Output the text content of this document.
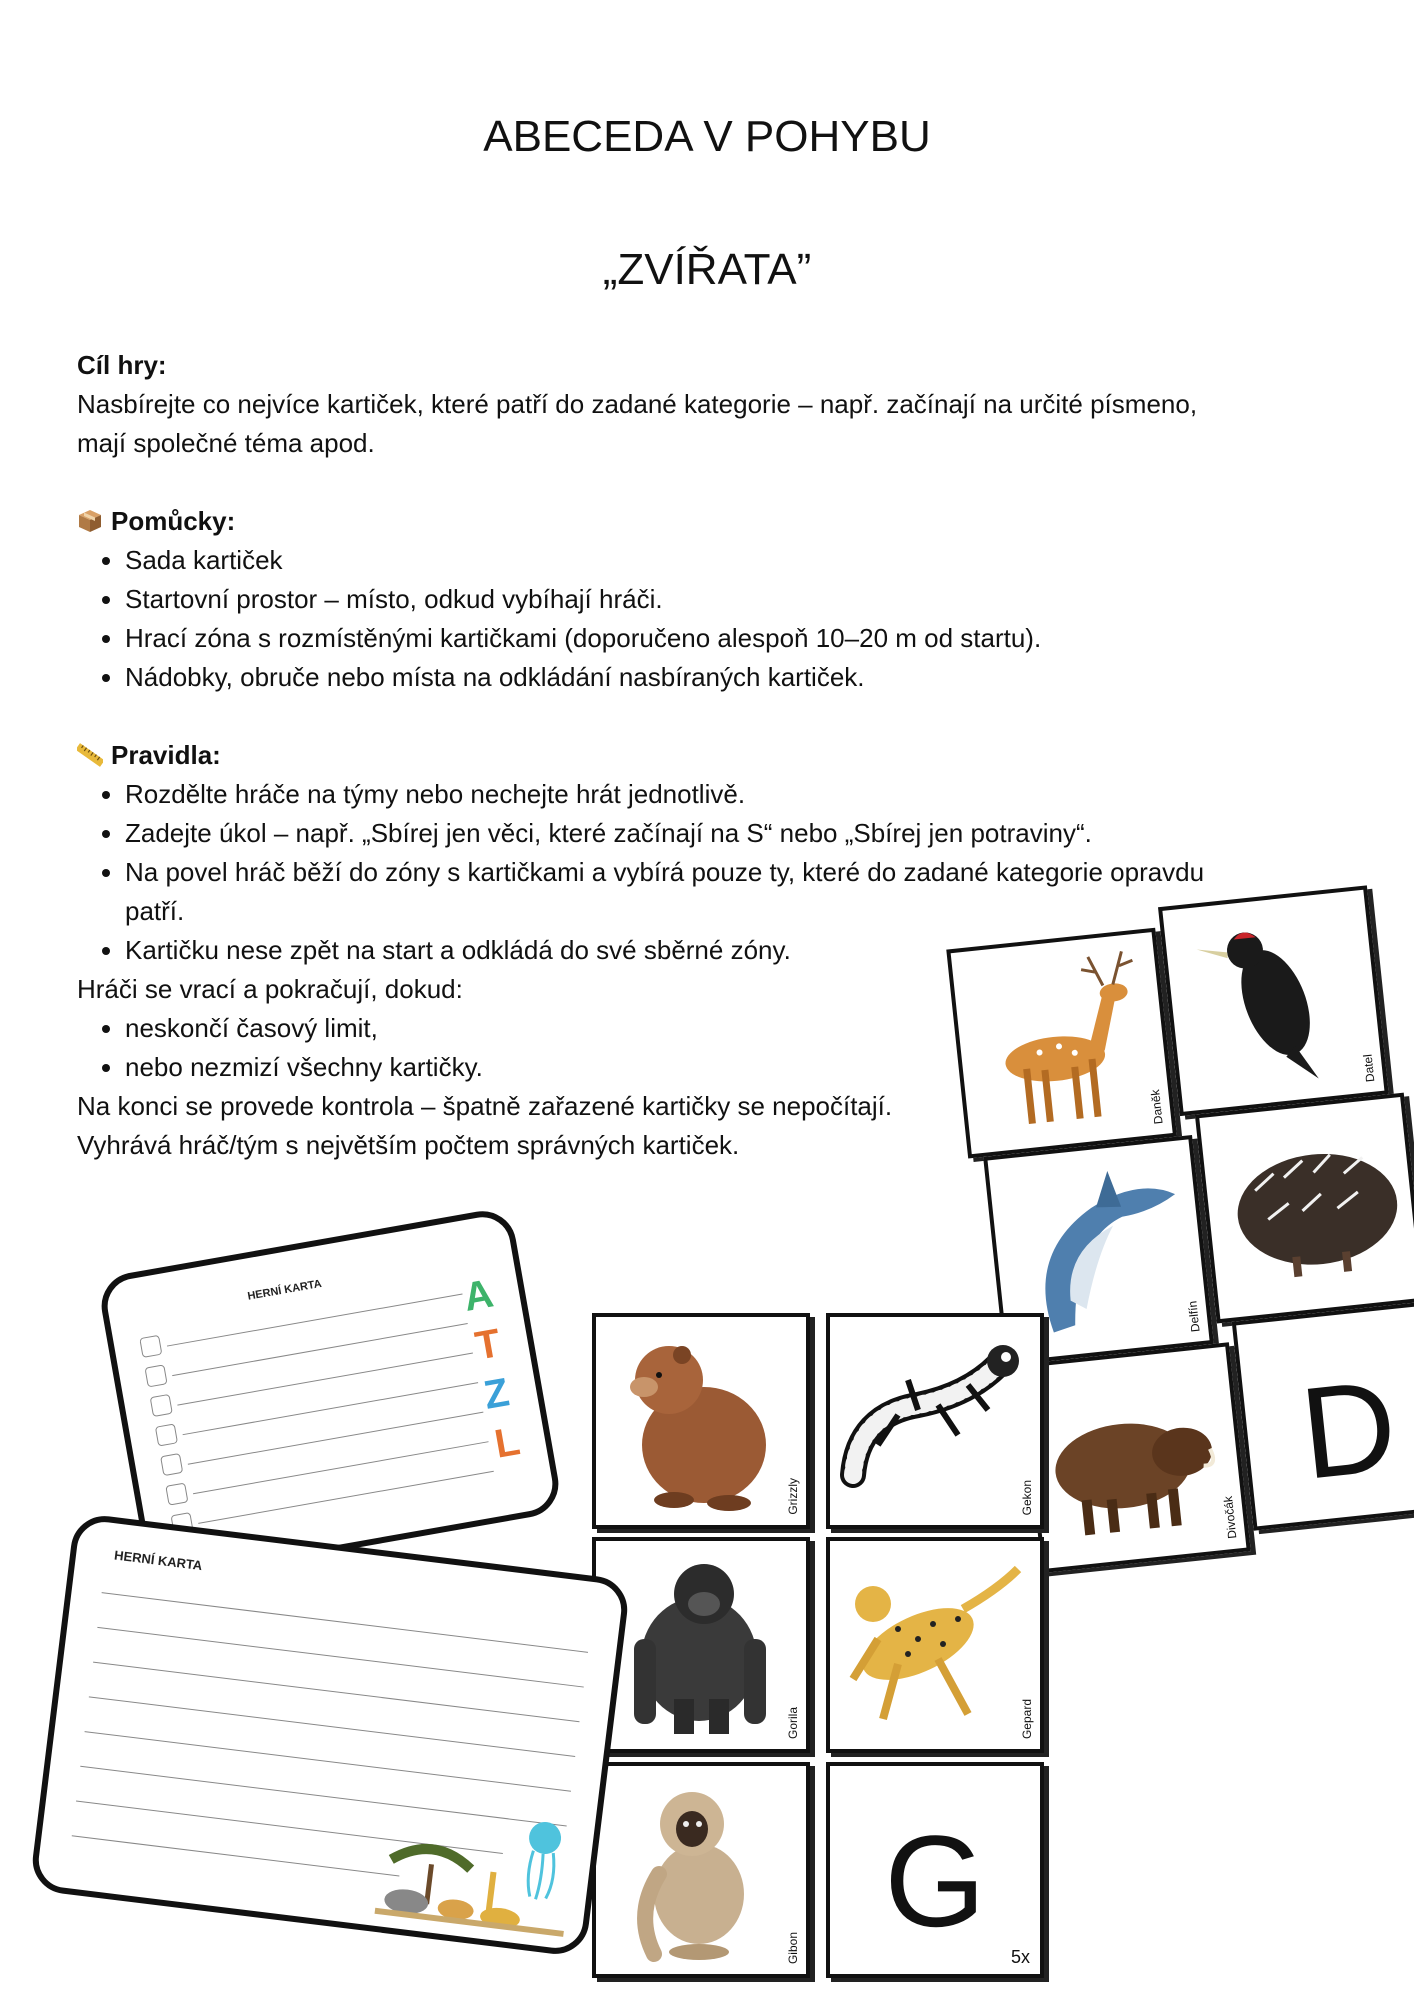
ABECEDA V POHYBU
„ZVÍŘATA”

Cíl hry:

Nasbírejte co nejvíce kartiček, které patří do zadané kategorie – např. začínají na určité písmeno,

mají společné téma apod.

Pomůcky:

• Sada kartiček
• Startovní prostor – místo, odkud vybíhají hráči.
• Hrací zóna s rozmístěnými kartičkami (doporučeno alespoň 10–20 m od startu).
• Nádobky, obruče nebo místa na odkládání nasbíraných kartiček.

Pravidla:

• Rozdělte hráče na týmy nebo nechejte hrát jednotlivě.
• Zadejte úkol – např. „Sbírej jen věci, které začínají na S“ nebo „Sbírej jen potraviny“.
• Na povel hráč běží do zóny s kartičkami a vybírá pouze ty, které do zadané kategorie opravdu
patří.
• Kartičku nese zpět na start a odkládá do své sběrné zóny.

Hráči se vrací a pokračují, dokud:

• neskončí časový limit,
• nebo nezmizí všechny kartičky.

Na konci se provede kontrola – špatně zařazené kartičky se nepočítají.

Vyhrává hráč/tým s největším počtem správných kartiček.

Daněk
Datel
Delfín
Divočák
D
Grizzly	Gekon
Gorila	Gepard
Gibon G
5x
HERNÍ KARTA	A
T
Z
L
HERNÍ KARTA
